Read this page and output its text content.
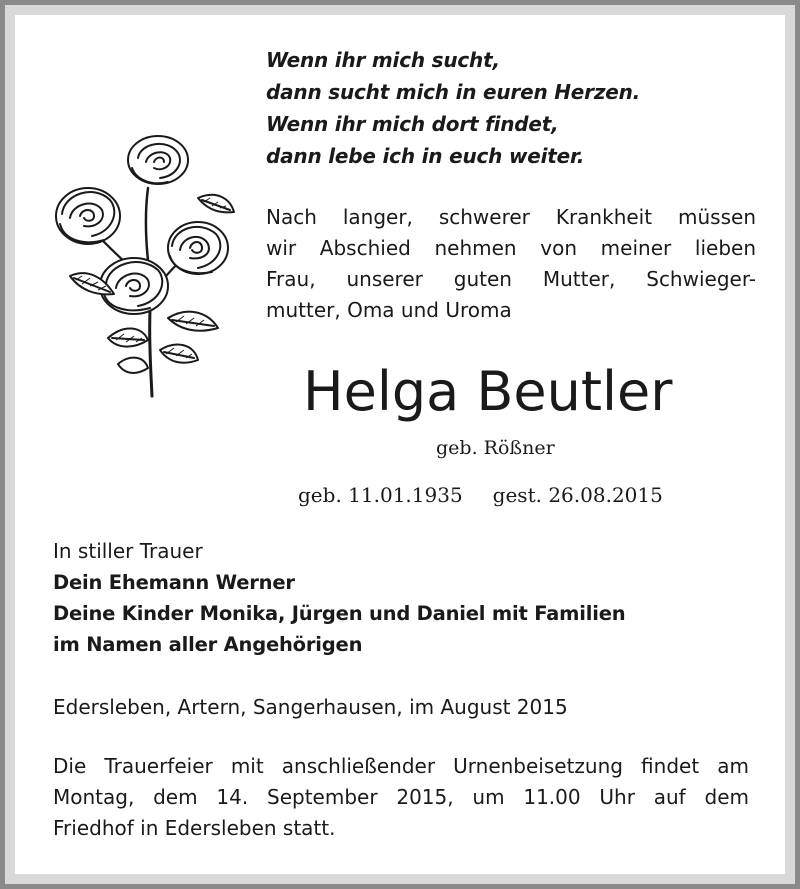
Wenn ihr mich sucht,
dann sucht mich in euren Herzen.
Wenn ihr mich dort findet,
dann lebe ich in euch weiter.
Nach langer, schwerer Krankheit müssen
wir Abschied nehmen von meiner lieben
Frau, unserer guten Mutter, Schwieger-
mutter, Oma und Uroma
Helga Beutler
geb. Rößner
geb. 11.01.1935 gest. 26.08.2015
In stiller Trauer
Dein Ehemann Werner
Deine Kinder Monika, Jürgen und Daniel mit Familien
im Namen aller Angehörigen
Edersleben, Artern, Sangerhausen, im August 2015
Die Trauerfeier mit anschließender Urnenbeisetzung findet am
Montag, dem 14. September 2015, um 11.00 Uhr auf dem
Friedhof in Edersleben statt.
